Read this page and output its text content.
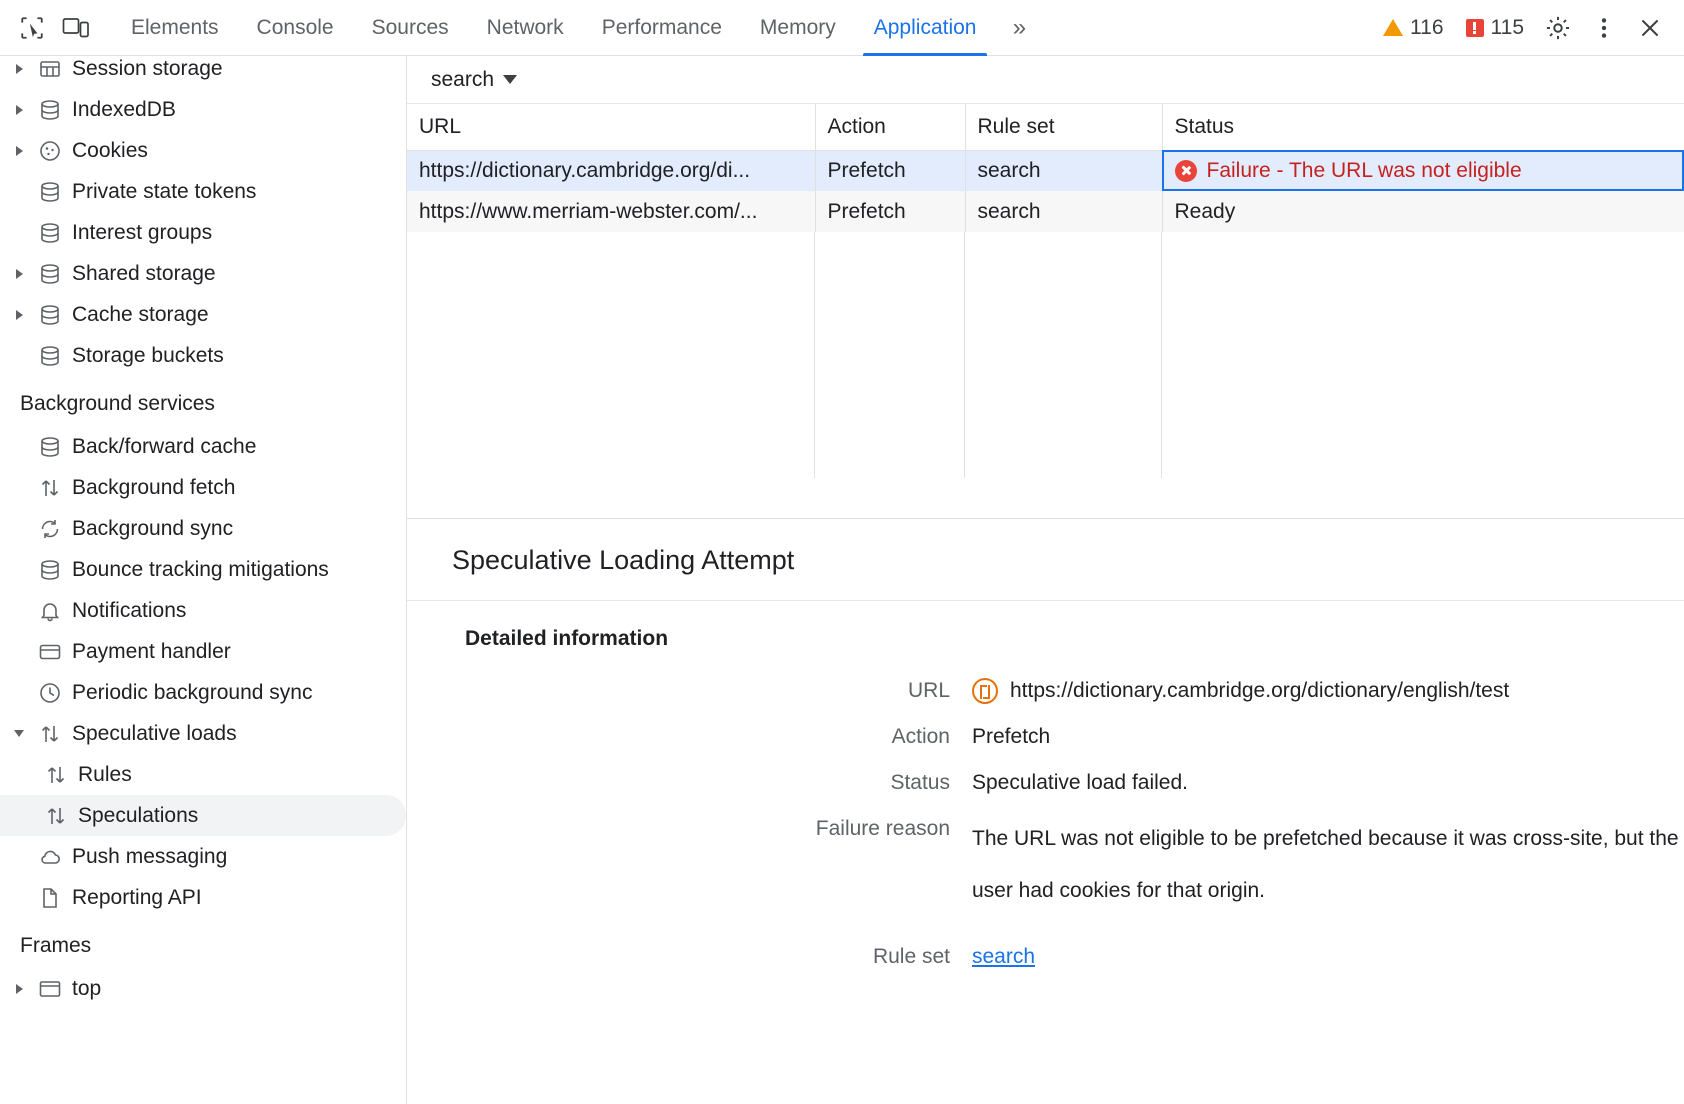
Elements Console Sources Network Performance Memory Application »	116 115
Session storage
IndexedDB
Cookies
Private state tokens
Interest groups
Shared storage
Cache storage
Storage buckets
Background services
Back/forward cache
Background fetch
Background sync
Bounce tracking mitigations
Notifications
Payment handler
Periodic background sync
Speculative loads
Rules
Speculations
Push messaging
Reporting API
Frames
top
search
URL	Action	Rule set	Status
https://dictionary.cambridge.org/di...	Prefetch	search	Failure - The URL was not eligible

https://www.merriam-webster.com/...	Prefetch	search	Ready
Speculative Loading Attempt
Detailed information
URL	https://dictionary.cambridge.org/dictionary/english/test
Action	Prefetch
Status	Speculative load failed.
Failure reason	The URL was not eligible to be prefetched because it was cross-site, but the user had cookies for that origin.
Rule set	search
